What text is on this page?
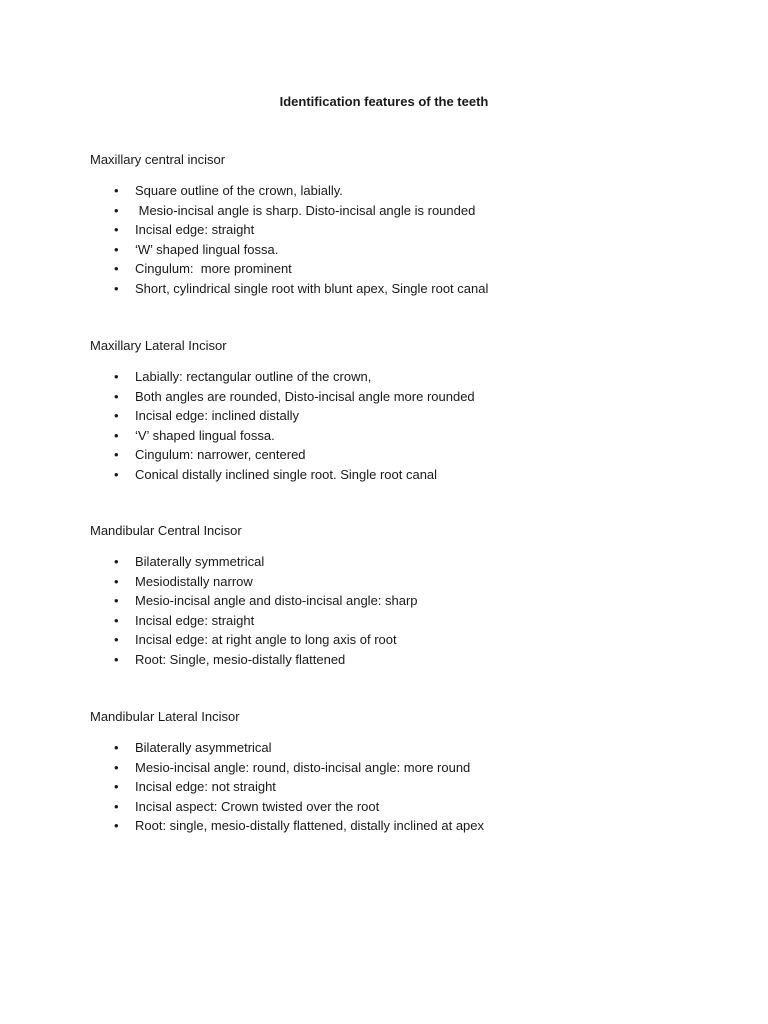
Identification features of the teeth
Maxillary central incisor
• Square outline of the crown, labially.
• Mesio-incisal angle is sharp. Disto-incisal angle is rounded
• Incisal edge: straight
• ‘W’ shaped lingual fossa.
• Cingulum:  more prominent
• Short, cylindrical single root with blunt apex, Single root canal
Maxillary Lateral Incisor
• Labially: rectangular outline of the crown,
• Both angles are rounded, Disto-incisal angle more rounded
• Incisal edge: inclined distally
• ‘V’ shaped lingual fossa.
• Cingulum: narrower, centered
• Conical distally inclined single root. Single root canal
Mandibular Central Incisor
• Bilaterally symmetrical
• Mesiodistally narrow
• Mesio-incisal angle and disto-incisal angle: sharp
• Incisal edge: straight
• Incisal edge: at right angle to long axis of root
• Root: Single, mesio-distally flattened
Mandibular Lateral Incisor
• Bilaterally asymmetrical
• Mesio-incisal angle: round, disto-incisal angle: more round
• Incisal edge: not straight
• Incisal aspect: Crown twisted over the root
• Root: single, mesio-distally flattened, distally inclined at apex
